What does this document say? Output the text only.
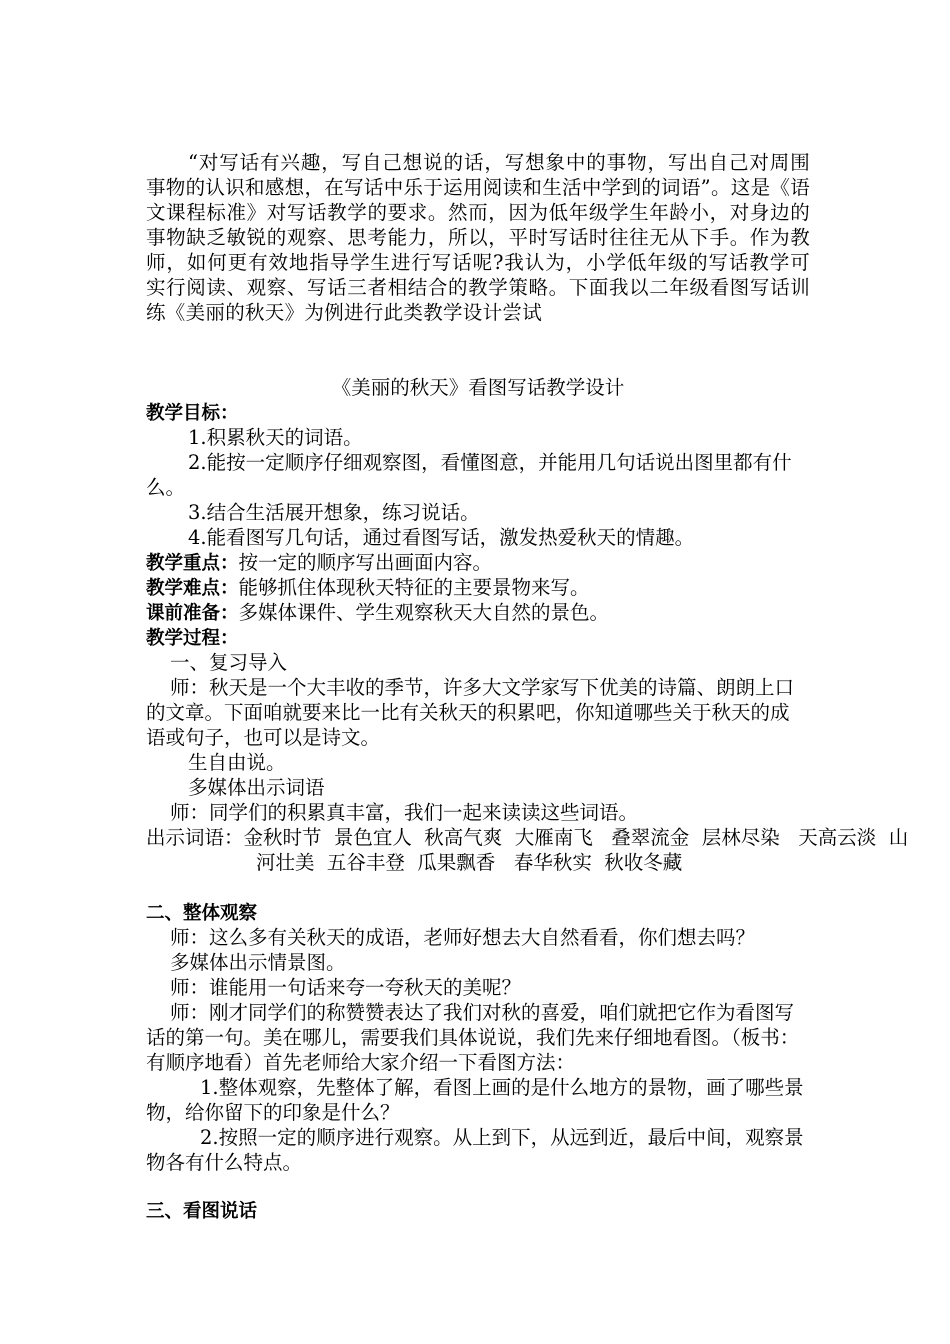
“对写话有兴趣，写自己想说的话，写想象中的事物，写出自己对周围事物的认识和感想，在写话中乐于运用阅读和生活中学到的词语”。这是《语文课程标准》对写话教学的要求。然而，因为低年级学生年龄小，对身边的事物缺乏敏锐的观察、思考能力，所以，平时写话时往往无从下手。作为教师，如何更有效地指导学生进行写话呢?我认为，小学低年级的写话教学可实行阅读、观察、写话三者相结合的教学策略。下面我以二年级看图写话训练《美丽的秋天》为例进行此类教学设计尝试

《美丽的秋天》看图写话教学设计
教学目标：
1.积累秋天的词语。
2.能按一定顺序仔细观察图，看懂图意，并能用几句话说出图里都有什么。
3.结合生活展开想象，练习说话。
4.能看图写几句话，通过看图写话，激发热爱秋天的情趣。
教学重点：按一定的顺序写出画面内容。
教学难点：能够抓住体现秋天特征的主要景物来写。
课前准备：多媒体课件、学生观察秋天大自然的景色。
教学过程：
一、复习导入
师：秋天是一个大丰收的季节，许多大文学家写下优美的诗篇、朗朗上口的文章。下面咱就要来比一比有关秋天的积累吧，你知道哪些关于秋天的成语或句子，也可以是诗文。
生自由说。
多媒体出示词语
师：同学们的积累真丰富，我们一起来读读这些词语。
出示词语：金秋时节  景色宜人  秋高气爽  大雁南飞   叠翠流金  层林尽染   天高云淡  山河壮美  五谷丰登  瓜果飘香   春华秋实  秋收冬藏
二、整体观察
师：这么多有关秋天的成语，老师好想去大自然看看，你们想去吗？
多媒体出示情景图。
师：谁能用一句话来夸一夸秋天的美呢？
师：刚才同学们的称赞赞表达了我们对秋的喜爱，咱们就把它作为看图写话的第一句。美在哪儿，需要我们具体说说，我们先来仔细地看图。（板书：有顺序地看）首先老师给大家介绍一下看图方法：
1.整体观察，先整体了解，看图上画的是什么地方的景物，画了哪些景物，给你留下的印象是什么？
2.按照一定的顺序进行观察。从上到下，从远到近，最后中间，观察景物各有什么特点。
三、看图说话
